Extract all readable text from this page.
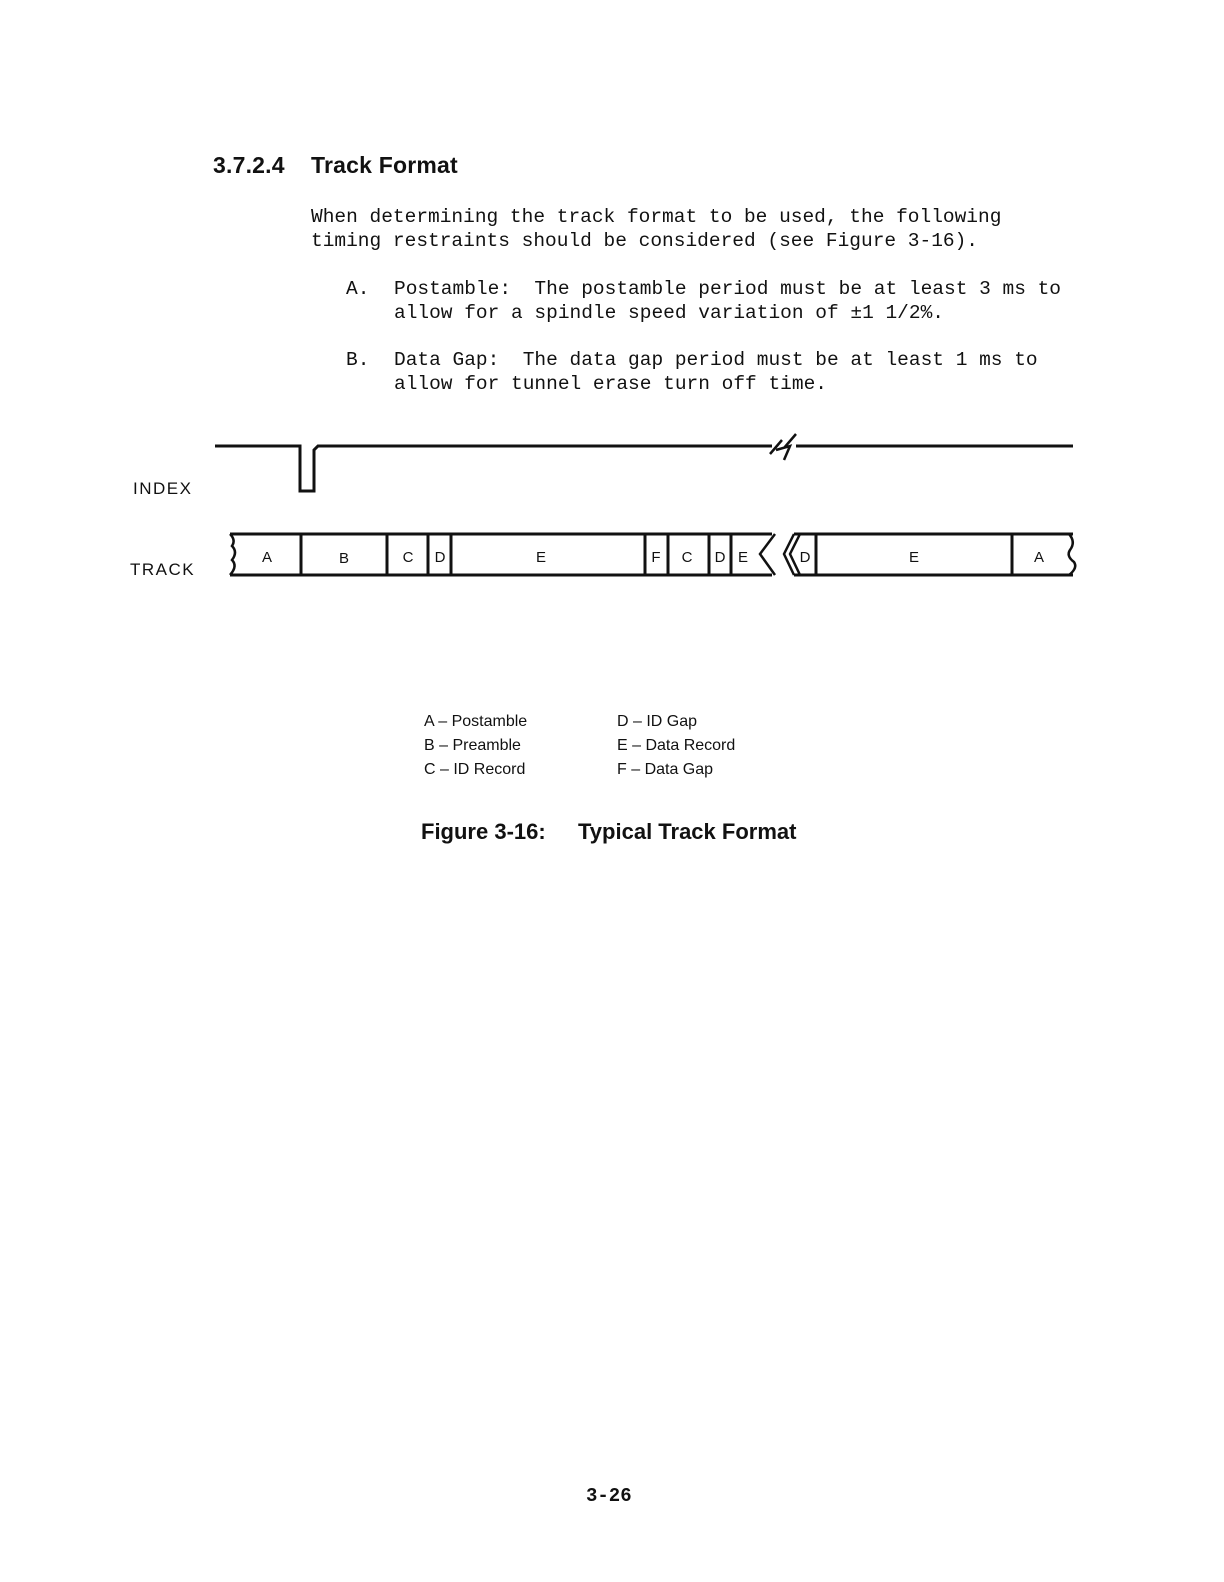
3.7.2.4 Track Format
When determining the track format to be used, the following
timing restraints should be considered (see Figure 3-16).
A. Postamble:  The postamble period must be at least 3 ms to
allow for a spindle speed variation of ±1 1/2%.
B. Data Gap:  The data gap period must be at least 1 ms to
allow for tunnel erase turn off time.
INDEX
TRACK
A	B	C D	E	F C D E	D	E	A
A – Postamble
B – Preamble
C – ID Record
D – ID Gap
E – Data Record
F – Data Gap
Figure 3-16: Typical Track Format
3-26
